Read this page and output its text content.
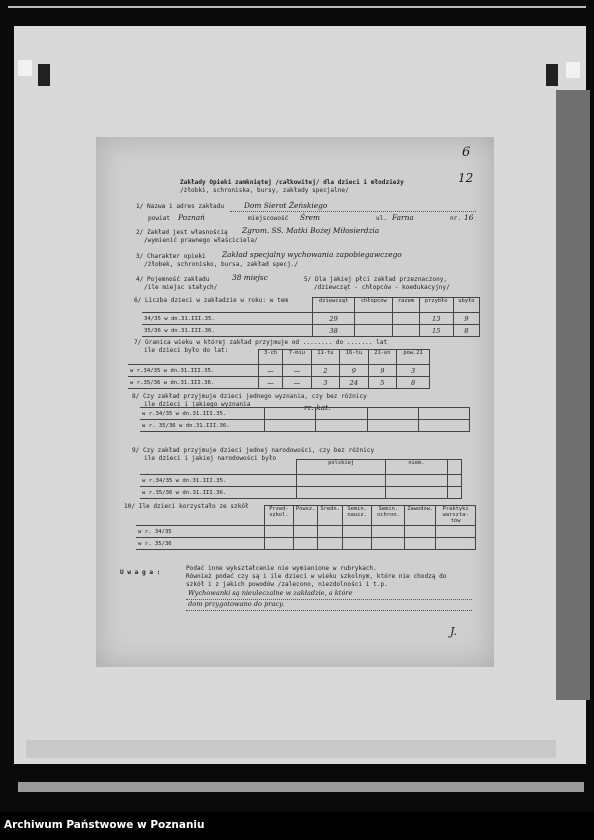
6
12
Zakłady Opieki zamkniętej /całkowitej/ dla dzieci i młodzieży
/żłobki, schroniska, bursy, zakłady specjalne/
1/ Nazwa i adres zakładu	Dom Sierot Żeńskiego
powiat Poznań	miejscowość Śrem	ul. Farna	nr. 16
2/ Zakład jest własnością Zgrom. SS. Matki Bożej Miłosierdzia
/wymienić prawnego właściciela/
3/ Charakter opieki Zakład specjalny wychowania zapobiegawczego
/żłobek, schronisko, bursa, zakład specj./
4/ Pojemność zakładu	38 miejsc
/ile miejsc stałych/
5/ Dla jakiej płci zakład przeznaczony,
/dziewcząt - chłopców - koedukacyjny/
6/ Liczba dzieci w zakładzie w roku: w tem
		dziewcząt	chłopców	razem	przybło	ubyło
34/35 w dn.31.III.35.	29			13	9
35/36 w dn.31.III.36.	38			15	8
7/ Granica wieku w której zakład przyjmuje od ........ do ....... lat
ile dzieci było do lat:
		3-ch	7-miu	11-tu	16-tu	21-en	pow.21
w r.34/35 w dn.31.III.35.	—	—	2	9	9	3
w r.35/36 w dn.31.III.36.	—	—	3	24	5	8
8/ Czy zakład przyjmuje dzieci jednego wyznania, czy bez różnicy
ile dzieci i jakiego wyznania	rz.-kat.
w r.34/35 w dn.31.III.35.				
w r. 35/36 w dn.31.III.36.				
9/ Czy zakład przyjmuje dzieci jednej narodowości, czy bez różnicy
ile dzieci i jakiej narodowości było
	polskiej	niem.	
w r.34/35 w dn.31.III.35.			
w r.35/36 w dn.31.III.36.			
10/ Ile dzieci korzystało ze szkół
		Przed-szkol.	Powsz.	Średn.	Semin. naucz.	Semin. ochron.	Zawodow.	Praktyki warszta-tów
w r. 34/35							
w r. 35/36							
U w a g a :
Podać inne wykształcenie nie wymienione w rubrykach.
Również podać czy są i ile dzieci w wieku szkolnym, które nie chodzą do
szkół i z jakich powodów /zalecono, niezdolności i t.p.
Wychowanki są nieuleczalne w zakładzie, a które
dom przygotowano do pracy.
J.
Archiwum Państwowe w Poznaniu
